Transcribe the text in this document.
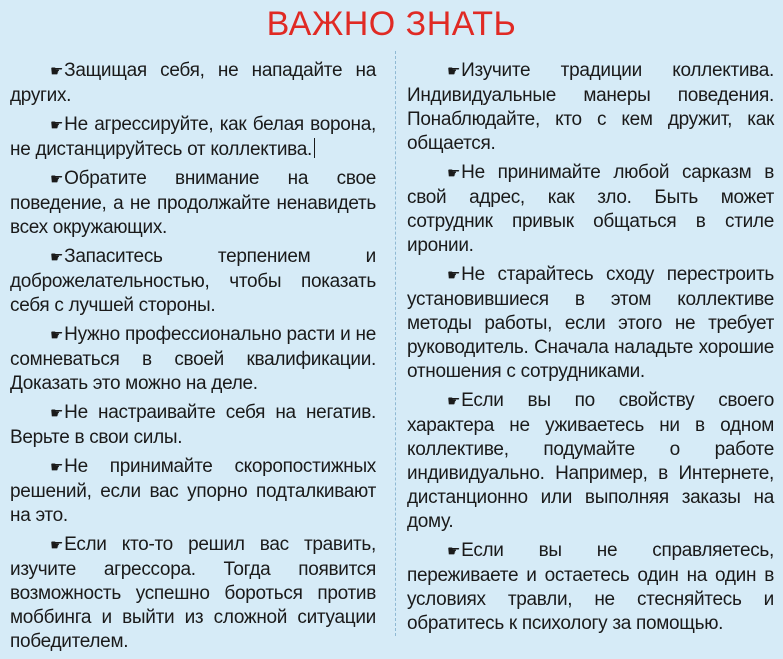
ВАЖНО ЗНАТЬ

☛Защищая себя, не нападайте на других.

☛Не агрессируйте, как белая ворона, не дистанцируйтесь от коллектива.

☛Обратите внимание на свое поведение, а не продолжайте ненавидеть всех окружающих.

☛Запаситесь терпением и доброжелательностью, чтобы показать себя с лучшей стороны.

☛Нужно профессионально расти и не сомневаться в своей квалификации. Доказать это можно на деле.

☛Не настраивайте себя на негатив. Верьте в свои силы.

☛Не принимайте скоропостижных решений, если вас упорно подталкивают на это.

☛Если кто-то решил вас травить, изучите агрессора. Тогда появится возможность успешно бороться против моббинга и выйти из сложной ситуации победителем.

☛Изучите традиции коллектива. Индивидуальные манеры поведения. Понаблюдайте, кто с кем дружит, как общается.

☛Не принимайте любой сарказм в свой адрес, как зло. Быть может сотрудник привык общаться в стиле иронии.

☛Не старайтесь сходу перестроить установившиеся в этом коллективе методы работы, если этого не требует руководитель. Сначала наладьте хорошие отношения с сотрудниками.

☛Если вы по свойству своего характера не уживаетесь ни в одном коллективе, подумайте о работе индивидуально. Например, в Интернете, дистанционно или выполняя заказы на дому.

☛Если вы не справляетесь, переживаете и остаетесь один на один в условиях травли, не стесняйтесь и обратитесь к психологу за помощью.
